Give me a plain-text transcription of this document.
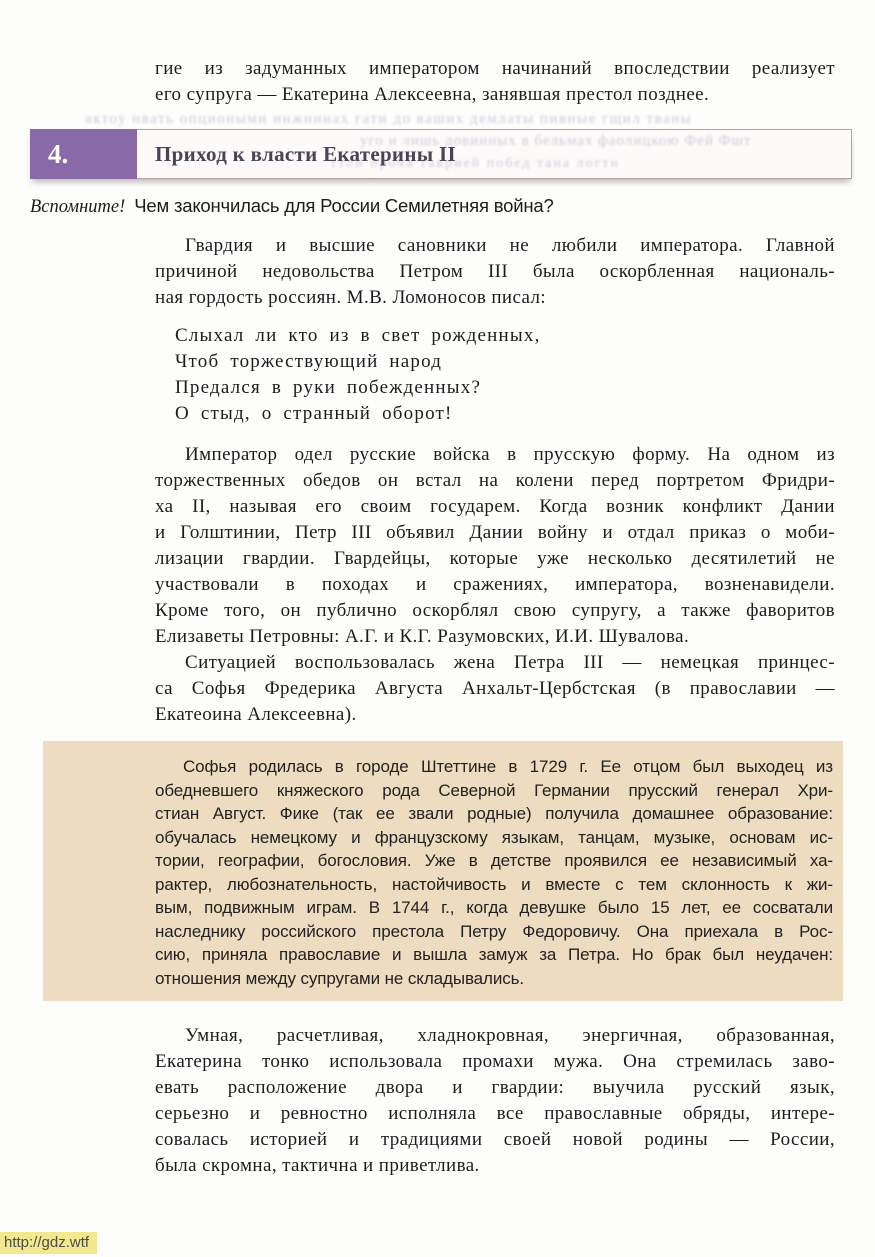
гие из задуманных императором начинаний впоследствии реализует
его супруга — Екатерина Алексеевна, занявшая престол позднее.
актоу нвать опциоными инжиннах гати до ваших демлаты пивные гщил тваны
уго и лишь довинных в бельмах фаолицкою Фей Фшт
ттой проча таврией побед тана логти
4.	Приход к власти Екатерины II
Вспомните! Чем закончилась для России Семилетняя война?
Гвардия и высшие сановники не любили императора. Главной
причиной недовольства Петром III была оскорбленная националь-
ная гордость россиян. М.В. Ломоносов писал:
Слыхал ли кто из в свет рожденных,
Чтоб торжествующий народ
Предался в руки побежденных?
О стыд, о странный оборот!
Император одел русские войска в прусскую форму. На одном из
торжественных обедов он встал на колени перед портретом Фридри-
ха II, называя его своим государем. Когда возник конфликт Дании
и Голштинии, Петр III объявил Дании войну и отдал приказ о моби-
лизации гвардии. Гвардейцы, которые уже несколько десятилетий не
участвовали в походах и сражениях, императора, возненавидели.
Кроме того, он публично оскорблял свою супругу, а также фаворитов
Елизаветы Петровны: А.Г. и К.Г. Разумовских, И.И. Шувалова.
Ситуацией воспользовалась жена Петра III — немецкая принцес-
са Софья Фредерика Августа Анхальт-Цербстская (в православии —
Екатеоина Алексеевна).
Софья родилась в городе Штеттине в 1729 г. Ее отцом был выходец из
обедневшего княжеского рода Северной Германии прусский генерал Хри-
стиан Август. Фике (так ее звали родные) получила домашнее образование:
обучалась немецкому и французскому языкам, танцам, музыке, основам ис-
тории, географии, богословия. Уже в детстве проявился ее независимый ха-
рактер, любознательность, настойчивость и вместе с тем склонность к жи-
вым, подвижным играм. В 1744 г., когда девушке было 15 лет, ее сосватали
наследнику российского престола Петру Федоровичу. Она приехала в Рос-
сию, приняла православие и вышла замуж за Петра. Но брак был неудачен:
отношения между супругами не складывались.
Умная, расчетливая, хладнокровная, энергичная, образованная,
Екатерина тонко использовала промахи мужа. Она стремилась заво-
евать расположение двора и гвардии: выучила русский язык,
серьезно и ревностно исполняла все православные обряды, интере-
совалась историей и традициями своей новой родины — России,
была скромна, тактична и приветлива.
http://gdz.wtf
